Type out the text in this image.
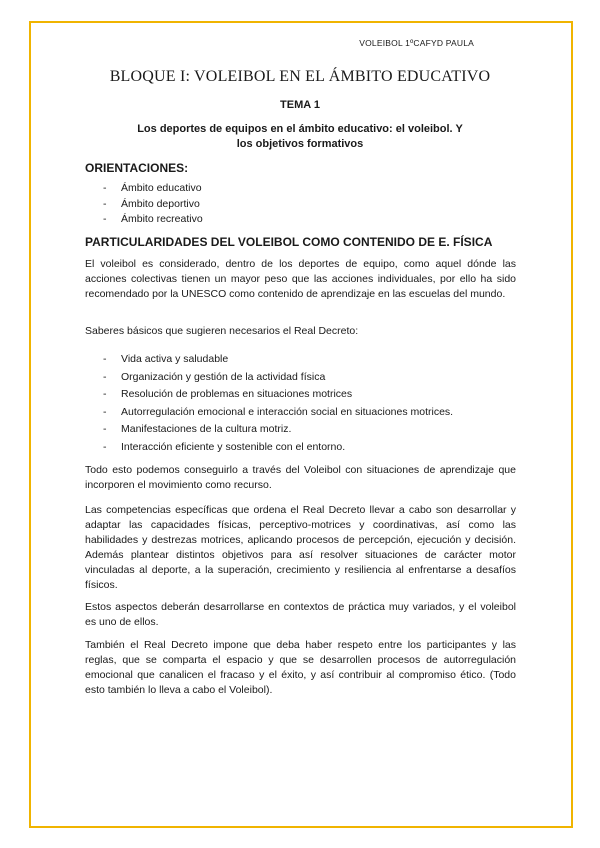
VOLEIBOL 1ºCAFYD PAULA
BLOQUE I: VOLEIBOL EN EL ÁMBITO EDUCATIVO
TEMA 1
Los deportes de equipos en el ámbito educativo: el voleibol. Y los objetivos formativos
ORIENTACIONES:
- Ámbito educativo
- Ámbito deportivo
- Ámbito recreativo
PARTICULARIDADES DEL VOLEIBOL COMO CONTENIDO DE E. FÍSICA

El voleibol es considerado, dentro de los deportes de equipo, como aquel dónde las acciones colectivas tienen un mayor peso que las acciones individuales, por ello ha sido recomendado por la UNESCO como contenido de aprendizaje en las escuelas del mundo.

Saberes básicos que sugieren necesarios el Real Decreto:

- Vida activa y saludable
- Organización y gestión de la actividad física
- Resolución de problemas en situaciones motrices
- Autorregulación emocional e interacción social en situaciones motrices.
- Manifestaciones de la cultura motriz.
- Interacción eficiente y sostenible con el entorno.

Todo esto podemos conseguirlo a través del Voleibol con situaciones de aprendizaje que incorporen el movimiento como recurso.

Las competencias específicas que ordena el Real Decreto llevar a cabo son desarrollar y adaptar las capacidades físicas, perceptivo-motrices y coordinativas, así como las habilidades y destrezas motrices, aplicando procesos de percepción, ejecución y decisión. Además plantear distintos objetivos para así resolver situaciones de carácter motor vinculadas al deporte, a la superación, crecimiento y resiliencia al enfrentarse a desafíos físicos.

Estos aspectos deberán desarrollarse en contextos de práctica muy variados, y el voleibol es uno de ellos.

También el Real Decreto impone que deba haber respeto entre los participantes y las reglas, que se comparta el espacio y que se desarrollen procesos de autorregulación emocional que canalicen el fracaso y el éxito, y así contribuir al compromiso ético. (Todo esto también lo lleva a cabo el Voleibol).
